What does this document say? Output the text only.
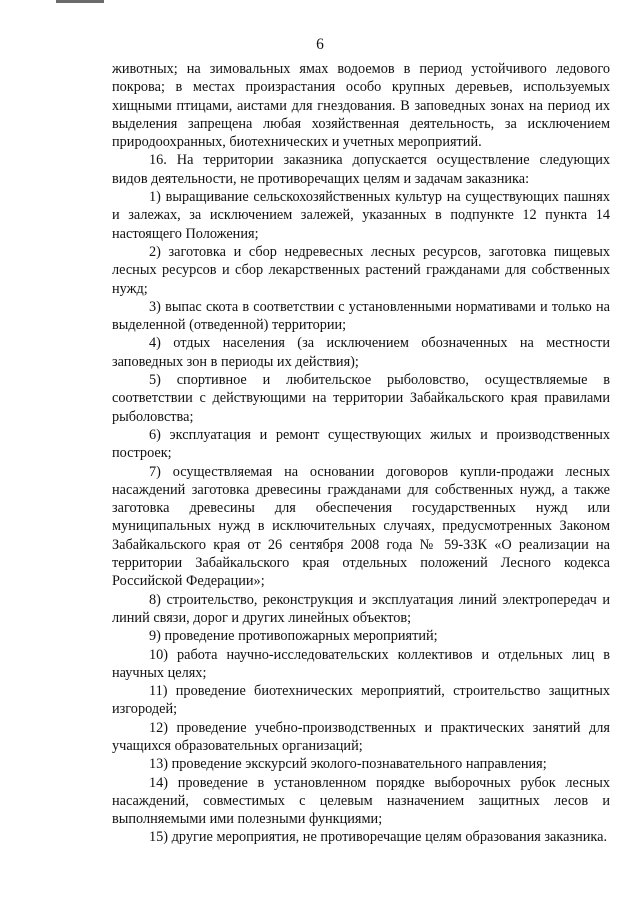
6

животных; на зимовальных ямах водоемов в период устойчивого ледового покрова; в местах произрастания особо крупных деревьев, используемых хищными птицами, аистами для гнездования. В заповедных зонах на период их выделения запрещена любая хозяйственная деятельность, за исключением природоохранных, биотехнических и учетных мероприятий.

16. На территории заказника допускается осуществление следующих видов деятельности, не противоречащих целям и задачам заказника:

1) выращивание сельскохозяйственных культур на существующих пашнях и залежах, за исключением залежей, указанных в подпункте 12 пункта 14 настоящего Положения;

2) заготовка и сбор недревесных лесных ресурсов, заготовка пищевых лесных ресурсов и сбор лекарственных растений гражданами для собственных нужд;

3) выпас скота в соответствии с установленными нормативами и только на выделенной (отведенной) территории;

4) отдых населения (за исключением обозначенных на местности заповедных зон в периоды их действия);

5) спортивное и любительское рыболовство, осуществляемые в соответствии с действующими на территории Забайкальского края правилами рыболовства;

6) эксплуатация и ремонт существующих жилых и производственных построек;

7) осуществляемая на основании договоров купли-продажи лесных насаждений заготовка древесины гражданами для собственных нужд, а также заготовка древесины для обеспечения государственных нужд или муниципальных нужд в исключительных случаях, предусмотренных Законом Забайкальского края от 26 сентября 2008 года № 59-ЗЗК «О реализации на территории Забайкальского края отдельных положений Лесного кодекса Российской Федерации»;

8) строительство, реконструкция и эксплуатация линий электропередач и линий связи, дорог и других линейных объектов;

9) проведение противопожарных мероприятий;

10) работа научно-исследовательских коллективов и отдельных лиц в научных целях;

11) проведение биотехнических мероприятий, строительство защитных изгородей;

12) проведение учебно-производственных и практических занятий для учащихся образовательных организаций;

13) проведение экскурсий эколого-познавательного направления;

14) проведение в установленном порядке выборочных рубок лесных насаждений, совместимых с целевым назначением защитных лесов и выполняемыми ими полезными функциями;

15) другие мероприятия, не противоречащие целям образования заказника.
